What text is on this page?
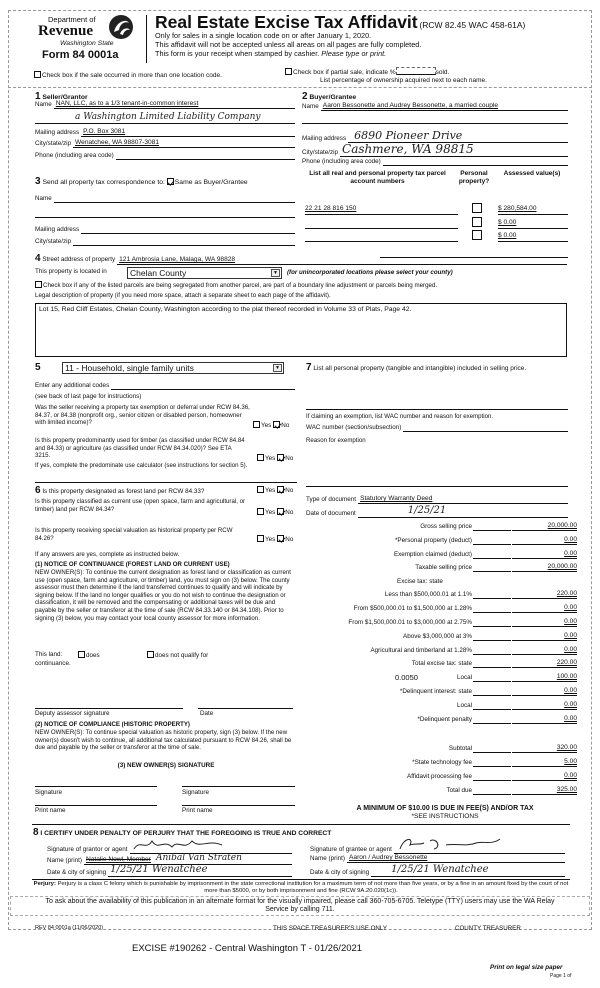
Department of
Revenue
Washington State
Form 84 0001a
Real Estate Excise Tax Affidavit (RCW 82.45 WAC 458-61A)
Only for sales in a single location code on or after January 1, 2020.
This affidavit will not be accepted unless all areas on all pages are fully completed.
This form is your receipt when stamped by cashier. Please type or print.
Check box if the sale occurred in more than one location code.	Check box if partial sale, indicate %	sold.
List percentage of ownership acquired next to each name.
1 Seller/Grantor
Name NAN, LLC, as to a 1/3 tenant-in-common interest
a Washington Limited Liability Company
Mailing address P.O. Box 3081
City/state/zip Wenatchee, WA 98807-3081
Phone (including area code)
2 Buyer/Grantee
Name Aaron Bessonette and Audrey Bessonette, a married couple
Mailing address 6890 Pioneer Drive
City/state/zip Cashmere, WA 98815
Phone (including area code)
List all real and personal property tax parcel account numbers
Personal property?
Assessed value(s)
22 21 28 816 150	$ 280,584.00
$ 0.00
$ 0.00
3 Send all property tax correspondence to: Same as Buyer/Grantee
Name
Mailing address
City/state/zip
4 Street address of property 121 Ambrosia Lane, Malaga, WA 98828
This property is located in	Chelan County	▼	(for unincorporated locations please select your county)
Check box if any of the listed parcels are being segregated from another parcel, are part of a boundary line adjustment or parcels being merged.
Legal description of property (if you need more space, attach a separate sheet to each page of the affidavit).
Lot 15, Red Cliff Estates, Chelan County, Washington according to the plat thereof recorded in Volume 33 of Plats, Page 42.
5	11 - Household, single family units	▼
Enter any additional codes
(see back of last page for instructions)
Was the seller receiving a property tax exemption or deferral under RCW 84.36, 84.37, or 84.38 (nonprofit org., senior citizen or disabled person, homeowner with limited income)?	Yes No
Is this property predominantly used for timber (as classified under RCW 84.84 and 84.33) or agriculture (as classified under RCW 84.34.020)? See ETA 3215.	Yes No
If yes, complete the predominate use calculator (see instructions for section 5).
6 Is this property designated as forest land per RCW 84.33?	Yes No
Is this property classified as current use (open space, farm and agricultural, or timber) land per RCW 84.34?	Yes No
Is this property receiving special valuation as historical property per RCW 84.26?	Yes No
If any answers are yes, complete as instructed below.
(1) NOTICE OF CONTINUANCE (FOREST LAND OR CURRENT USE)
NEW OWNER(S): To continue the current designation as forest land or classification as current use (open space, farm and agriculture, or timber) land, you must sign on (3) below. The county assessor must then determine if the land transferred continues to qualify and will indicate by signing below. If the land no longer qualifies or you do not wish to continue the designation or classification, it will be removed and the compensating or additional taxes will be due and payable by the seller or transferor at the time of sale (RCW 84.33.140 or 84.34.108). Prior to signing (3) below, you may contact your local county assessor for more information.
This land:	does	does not qualify for
continuance.
Deputy assessor signature	Date
(2) NOTICE OF COMPLIANCE (HISTORIC PROPERTY)
NEW OWNER(S): To continue special valuation as historic property, sign (3) below. If the new owner(s) doesn't wish to continue, all additional tax calculated pursuant to RCW 84.26, shall be due and payable by the seller or transferor at the time of sale.
(3) NEW OWNER(S) SIGNATURE
Signature	Signature
Print name	Print name
7 List all personal property (tangible and intangible) included in selling price.
If claiming an exemption, list WAC number and reason for exemption.
WAC number (section/subsection)
Reason for exemption
Type of document Statutory Warranty Deed
Date of document	1/25/21
Gross selling price	20,000.00
*Personal property (deduct)	0.00
Exemption claimed (deduct)	0.00
Taxable selling price	20,000.00
Excise tax: state
Less than $500,000.01 at 1.1%	220.00
From $500,000.01 to $1,500,000 at 1.28%	0.00
From $1,500,000.01 to $3,000,000 at 2.75%	0.00
Above $3,000,000 at 3%	0.00
Agricultural and timberland at 1.28%	0.00
Total excise tax: state	220.00
0.0050	Local	100.00
*Delinquent interest: state	0.00
Local	0.00
*Delinquent penalty	0.00
Subtotal	320.00
*State technology fee	5.00
Affidavit processing fee	0.00
Total due	325.00
A MINIMUM OF $10.00 IS DUE IN FEE(S) AND/OR TAX
*SEE INSTRUCTIONS
8 I CERTIFY UNDER PENALTY OF PERJURY THAT THE FOREGOING IS TRUE AND CORRECT
Signature of grantor or agent
Name (print) Natalie Nowl, Member Anibal Van Straten
Date & city of signing 1/25/21 Wenatchee
Signature of grantee or agent
Name (print) Aaron / Audrey Bessonette
Date & city of signing 1/25/21 Wenatchee
Perjury: Perjury is a class C felony which is punishable by imprisonment in the state correctional institution for a maximum term of not more than five years, or by a fine in an amount fixed by the court of not more than $5000, or by both imprisonment and fine (RCW 9A.20.020(1c)).
To ask about the availability of this publication in an alternate format for the visually impaired, please call 360-705-6705. Teletype (TTY) users may use the WA Relay Service by calling 711.
REV 84 0001a (11/06/2020)	THIS SPACE TREASURER'S USE ONLY	COUNTY TREASURER
EXCISE #190262 - Central Washington T - 01/26/2021
Print on legal size paper
Page 1 of
